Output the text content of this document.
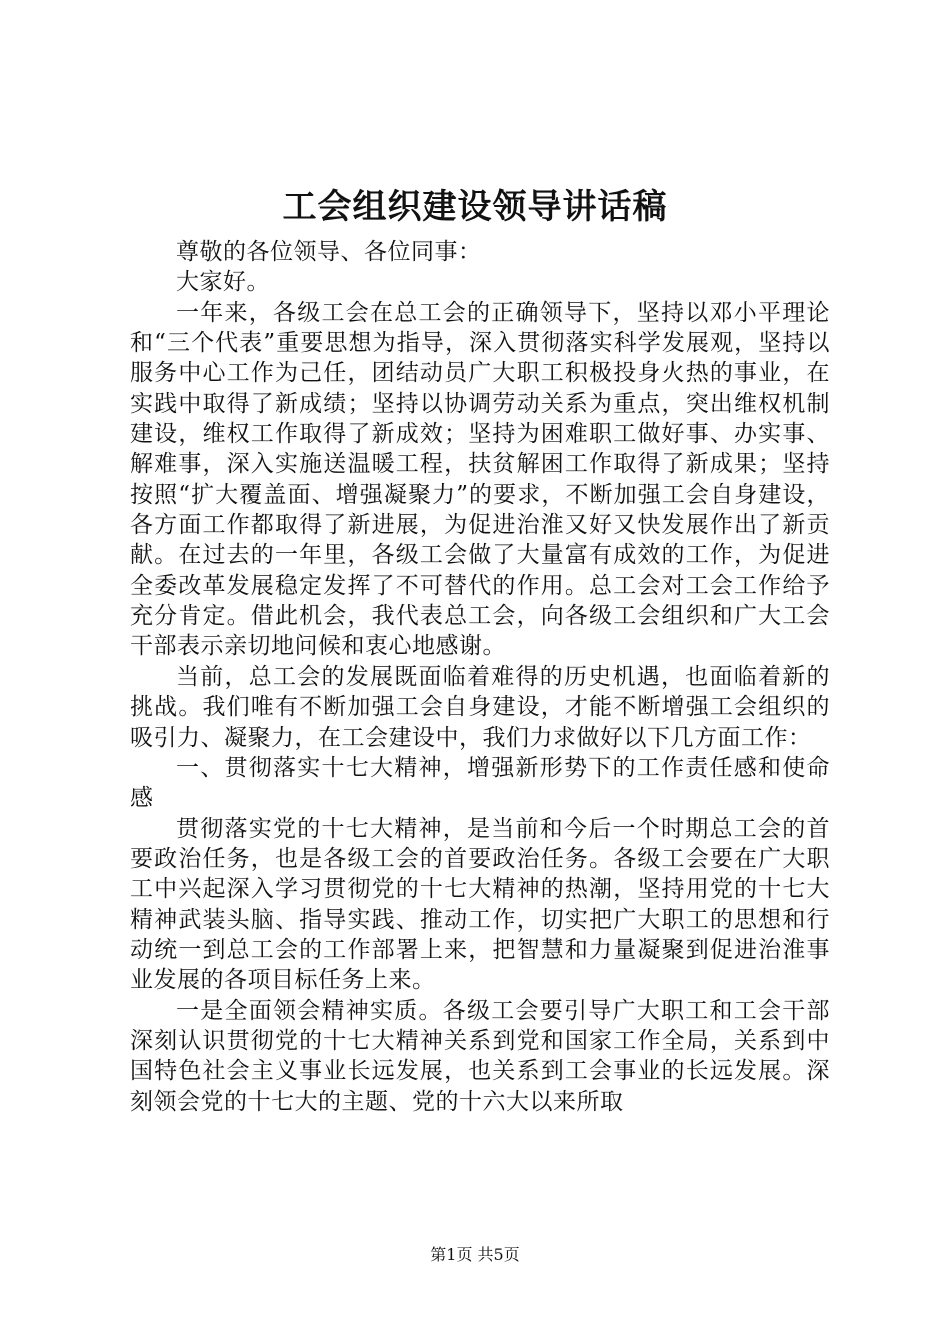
工会组织建设领导讲话稿

尊敬的各位领导、各位同事：

大家好。

一年来，各级工会在总工会的正确领导下，坚持以邓小平理论和“三个代表”重要思想为指导，深入贯彻落实科学发展观，坚持以服务中心工作为己任，团结动员广大职工积极投身火热的事业，在实践中取得了新成绩；坚持以协调劳动关系为重点，突出维权机制建设，维权工作取得了新成效；坚持为困难职工做好事、办实事、解难事，深入实施送温暖工程，扶贫解困工作取得了新成果；坚持按照“扩大覆盖面、增强凝聚力”的要求，不断加强工会自身建设，各方面工作都取得了新进展，为促进治淮又好又快发展作出了新贡献。在过去的一年里，各级工会做了大量富有成效的工作，为促进全委改革发展稳定发挥了不可替代的作用。总工会对工会工作给予充分肯定。借此机会，我代表总工会，向各级工会组织和广大工会干部表示亲切地问候和衷心地感谢。

当前，总工会的发展既面临着难得的历史机遇，也面临着新的挑战。我们唯有不断加强工会自身建设，才能不断增强工会组织的吸引力、凝聚力，在工会建设中，我们力求做好以下几方面工作：

一、贯彻落实十七大精神，增强新形势下的工作责任感和使命感

贯彻落实党的十七大精神，是当前和今后一个时期总工会的首要政治任务，也是各级工会的首要政治任务。各级工会要在广大职工中兴起深入学习贯彻党的十七大精神的热潮，坚持用党的十七大精神武装头脑、指导实践、推动工作，切实把广大职工的思想和行动统一到总工会的工作部署上来，把智慧和力量凝聚到促进治淮事业发展的各项目标任务上来。

一是全面领会精神实质。各级工会要引导广大职工和工会干部深刻认识贯彻党的十七大精神关系到党和国家工作全局，关系到中国特色社会主义事业长远发展，也关系到工会事业的长远发展。深刻领会党的十七大的主题、党的十六大以来所取

第1页 共5页
